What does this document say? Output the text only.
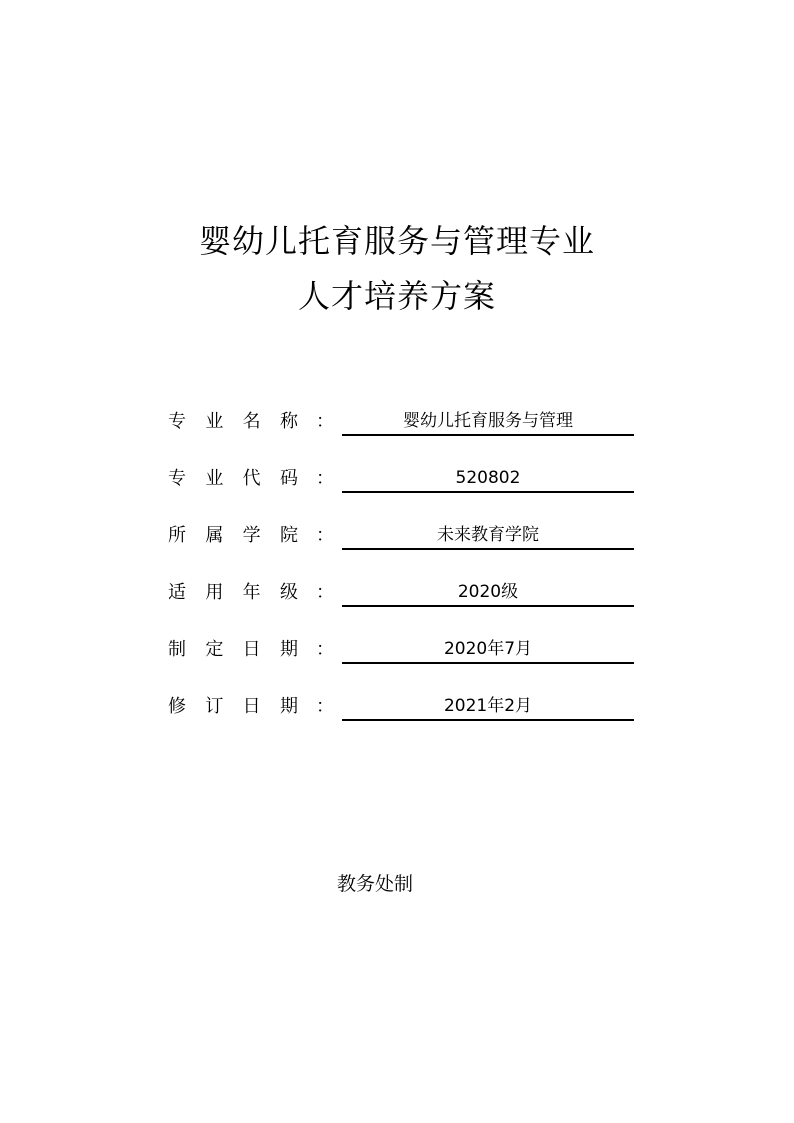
婴幼儿托育服务与管理专业
人才培养方案
专 业 名 称 ：	婴幼儿托育服务与管理
专 业 代 码 ：	520802
所 属 学 院 ：	未来教育学院
适 用 年 级 ：	2020级
制 定 日 期 ：	2020年7月
修 订 日 期 ：	2021年2月
教务处制
